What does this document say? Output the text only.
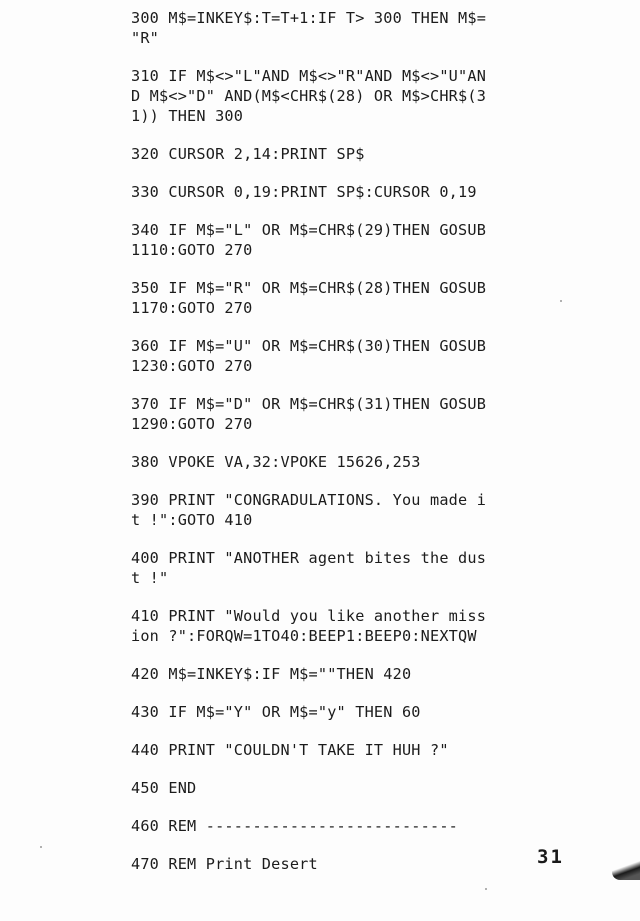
300 M$=INKEY$:T=T+1:IF T> 300 THEN M$=
"R"
310 IF M$<>"L"AND M$<>"R"AND M$<>"U"AN
D M$<>"D" AND(M$<CHR$(28) OR M$>CHR$(3
1)) THEN 300
320 CURSOR 2,14:PRINT SP$
330 CURSOR 0,19:PRINT SP$:CURSOR 0,19
340 IF M$="L" OR M$=CHR$(29)THEN GOSUB
1110:GOTO 270
350 IF M$="R" OR M$=CHR$(28)THEN GOSUB
1170:GOTO 270
360 IF M$="U" OR M$=CHR$(30)THEN GOSUB
1230:GOTO 270
370 IF M$="D" OR M$=CHR$(31)THEN GOSUB
1290:GOTO 270
380 VPOKE VA,32:VPOKE 15626,253
390 PRINT "CONGRADULATIONS. You made i
t !":GOTO 410
400 PRINT "ANOTHER agent bites the dus
t !"
410 PRINT "Would you like another miss
ion ?":FORQW=1TO40:BEEP1:BEEP0:NEXTQW
420 M$=INKEY$:IF M$=""THEN 420
430 IF M$="Y" OR M$="y" THEN 60
440 PRINT "COULDN'T TAKE IT HUH ?"
450 END
460 REM ---------------------------
470 REM Print Desert	31
